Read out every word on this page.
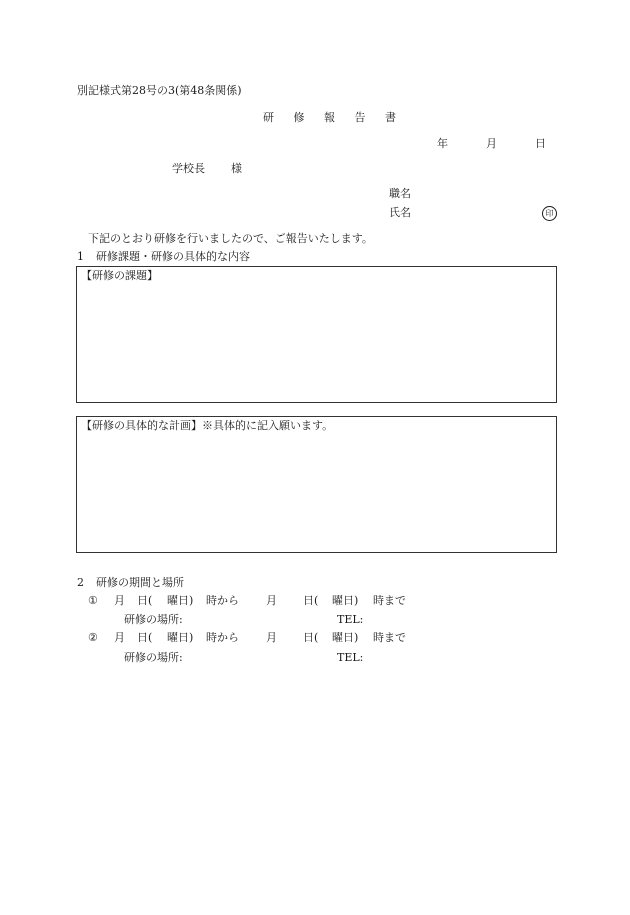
別記様式第28号の3(第48条関係)
研 修 報 告 書
年	月	日
学校長 様
職名
氏名	印
下記のとおり研修を行いましたので、ご報告いたします。
1 研修課題・研修の具体的な内容
【研修の課題】
【研修の具体的な計画】※具体的に記入願います。
2 研修の期間と場所
① 月 日( 曜日) 時から 月 日( 曜日) 時まで
研修の場所:	TEL:
② 月 日( 曜日) 時から 月 日( 曜日) 時まで
研修の場所:	TEL:
